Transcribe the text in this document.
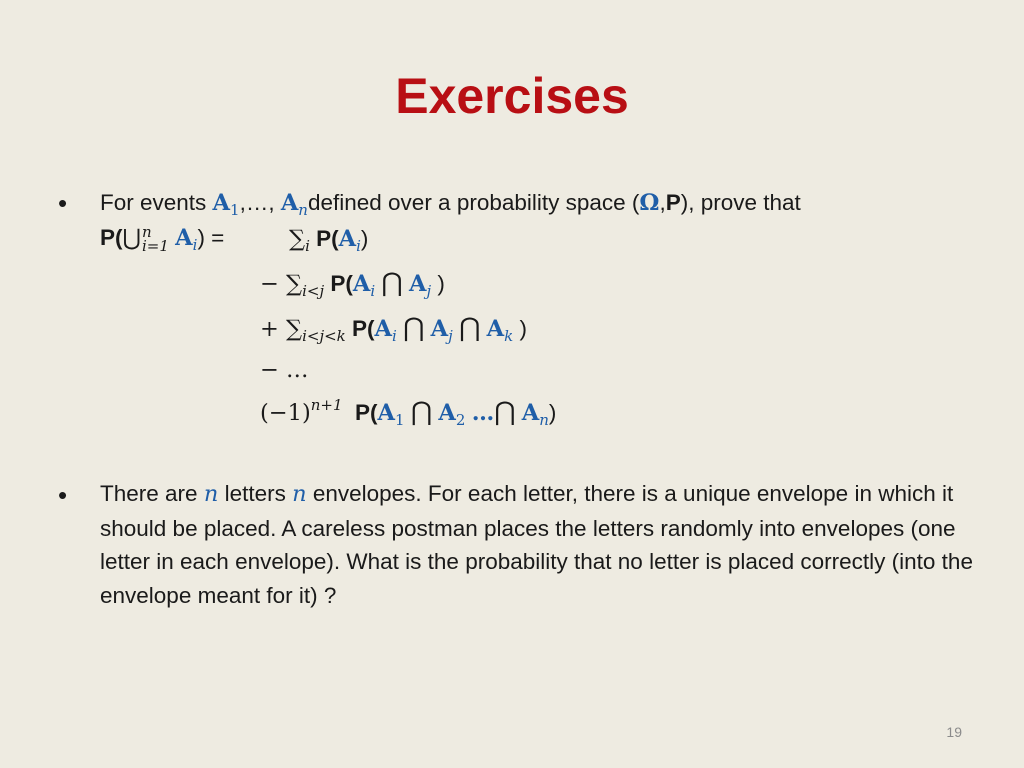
Exercises
• For events $A_1,\dots$, $A_ndefined$ over a probability space (Ω,P), prove that
P(⋃ n
i=1 $A_i$) =	$\sum_i$ $P(A_i)$
− $\sum_{i<j}$ $P(A_i$ ⋂ $A_j$ )
+ $\sum_{i<j<k}$ $P(A_i$ ⋂ $A_j$ ⋂ $A_k$ )
− …
$(-1)^{n+1}$ $P(A_1$ ⋂ $A_2$ …⋂ $A_n$)
• There are n letters n envelopes. For each letter, there is a unique envelope in which it should be placed. A careless postman places the letters randomly into envelopes (one letter in each envelope). What is the probability that no letter is placed correctly (into the envelope meant for it) ?
19
